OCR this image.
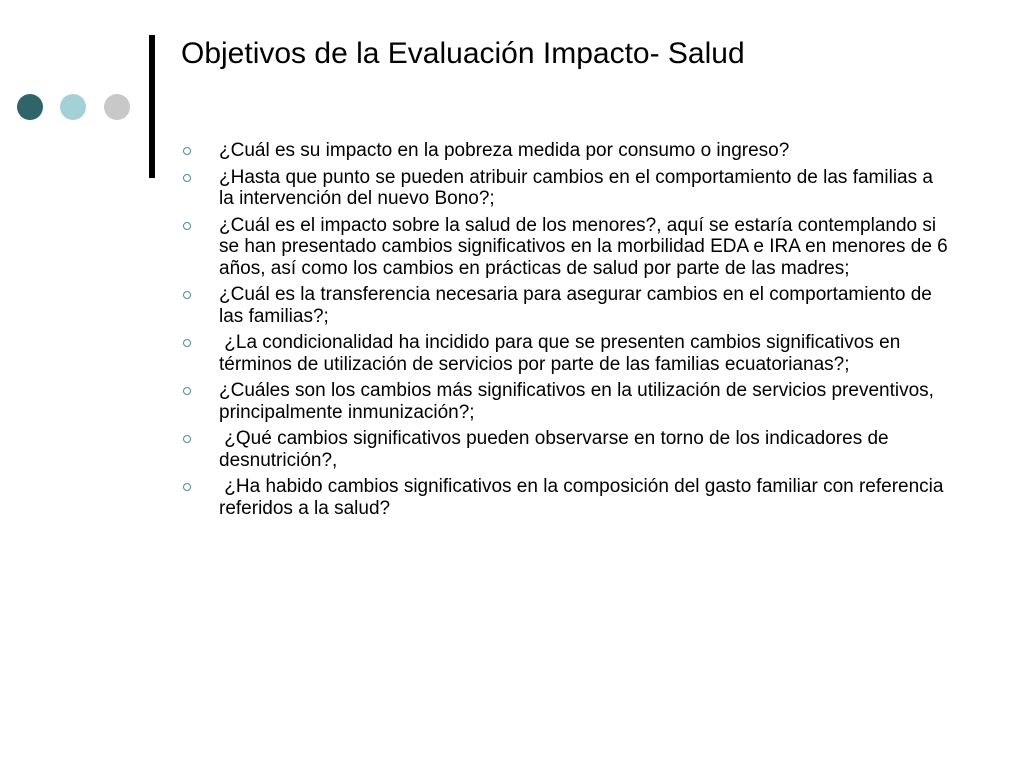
Objetivos de la Evaluación Impacto- Salud
¿Cuál es su impacto en la pobreza medida por consumo o ingreso?
¿Hasta que punto se pueden atribuir cambios en el comportamiento de las familias a la intervención del nuevo Bono?;
¿Cuál es el impacto sobre la salud de los menores?, aquí se estaría contemplando si se han presentado cambios significativos en la morbilidad EDA e IRA en menores de 6 años, así como los cambios en prácticas de salud por parte de las madres;
¿Cuál es la transferencia necesaria para asegurar cambios en el comportamiento de las familias?;
¿La condicionalidad ha incidido para que se presenten cambios significativos en términos de utilización de servicios por parte de las familias ecuatorianas?;
¿Cuáles son los cambios más significativos en la utilización de servicios preventivos, principalmente inmunización?;
¿Qué cambios significativos pueden observarse en torno de los indicadores de desnutrición?,
¿Ha habido cambios significativos en la composición del gasto familiar con referencia referidos a la salud?
